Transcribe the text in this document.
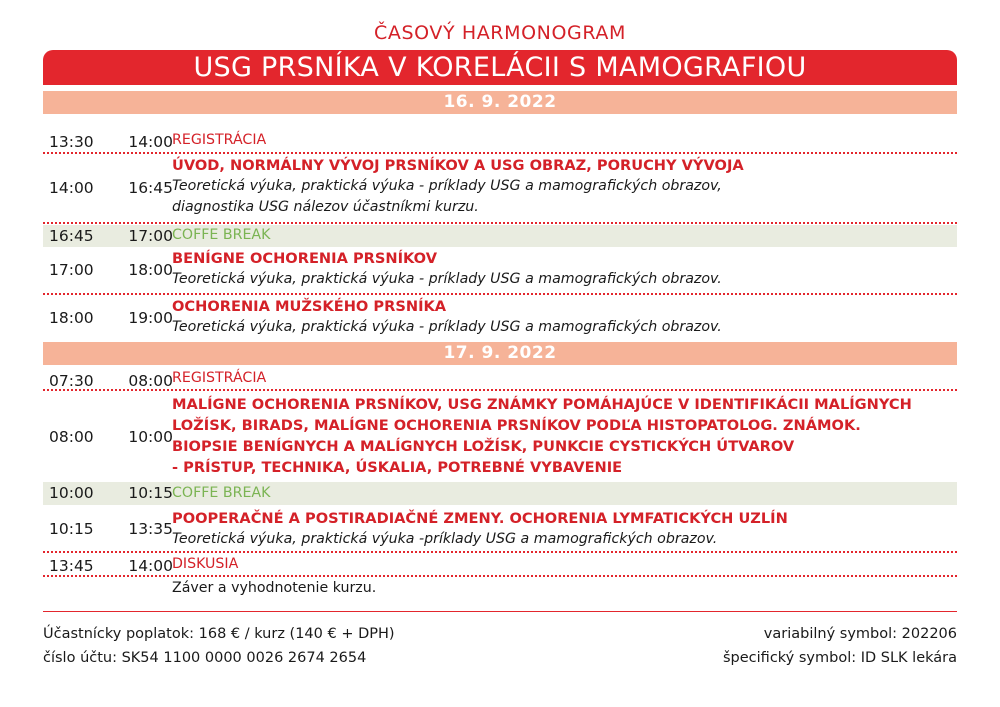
ČASOVÝ HARMONOGRAM
USG PRSNÍKA V KORELÁCII S MAMOGRAFIOU
16. 9. 2022
13:30 14:00 REGISTRÁCIA
14:00 16:45
ÚVOD, NORMÁLNY VÝVOJ PRSNÍKOV A USG OBRAZ, PORUCHY VÝVOJA
Teoretická výuka, praktická výuka - príklady USG a mamografických obrazov,
diagnostika USG nálezov účastníkmi kurzu.
16:45 17:00 COFFE BREAK
17:00 18:00
BENÍGNE OCHORENIA PRSNÍKOV
Teoretická výuka, praktická výuka - príklady USG a mamografických obrazov.
18:00 19:00
OCHORENIA MUŽSKÉHO PRSNÍKA
Teoretická výuka, praktická výuka - príklady USG a mamografických obrazov.
17. 9. 2022
07:30 08:00 REGISTRÁCIA
08:00 10:00
MALÍGNE OCHORENIA PRSNÍKOV, USG ZNÁMKY POMÁHAJÚCE V IDENTIFIKÁCII MALÍGNYCH
LOŽÍSK, BIRADS, MALÍGNE OCHORENIA PRSNÍKOV PODĽA HISTOPATOLOG. ZNÁMOK.
BIOPSIE BENÍGNYCH A MALÍGNYCH LOŽÍSK, PUNKCIE CYSTICKÝCH ÚTVAROV
- PRÍSTUP, TECHNIKA, ÚSKALIA, POTREBNÉ VYBAVENIE
10:00 10:15 COFFE BREAK
10:15 13:35
POOPERAČNÉ A POSTIRADIAČNÉ ZMENY. OCHORENIA LYMFATICKÝCH UZLÍN
Teoretická výuka, praktická výuka -príklady USG a mamografických obrazov.
13:45 14:00 DISKUSIA
Záver a vyhodnotenie kurzu.
Účastnícky poplatok: 168 € / kurz (140 € + DPH)
číslo účtu: SK54 1100 0000 0026 2674 2654
variabilný symbol: 202206
špecifický symbol: ID SLK lekára
